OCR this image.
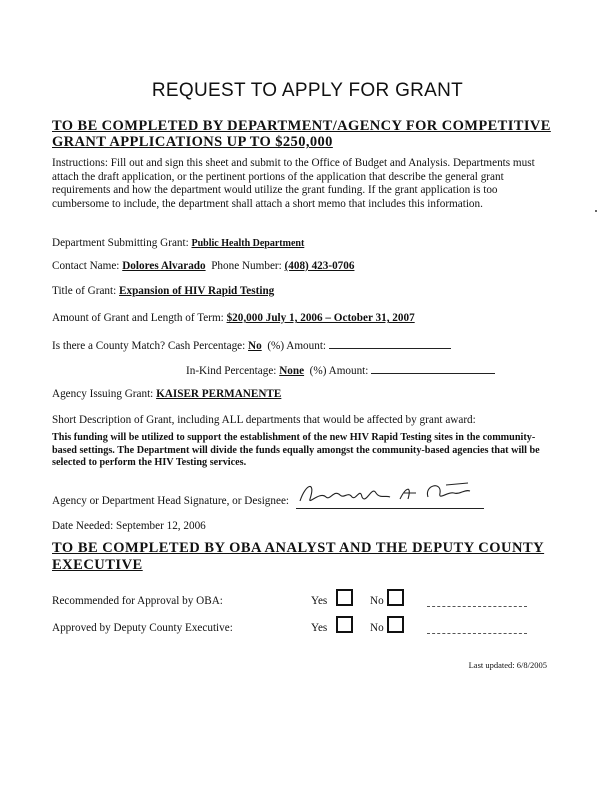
REQUEST TO APPLY FOR GRANT
TO BE COMPLETED BY DEPARTMENT/AGENCY FOR COMPETITIVE
GRANT APPLICATIONS UP TO $250,000
Instructions: Fill out and sign this sheet and submit to the Office of Budget and Analysis. Departments must attach the draft application, or the pertinent portions of the application that describe the general grant requirements and how the department would utilize the grant funding. If the grant application is too cumbersome to include, the department shall attach a short memo that includes this information.
Department Submitting Grant: Public Health Department
Contact Name: Dolores Alvarado Phone Number: (408) 423-0706
Title of Grant: Expansion of HIV Rapid Testing
Amount of Grant and Length of Term: $20,000 July 1, 2006 – October 31, 2007
Is there a County Match? Cash Percentage: No (%) Amount:
In-Kind Percentage: None (%) Amount:
Agency Issuing Grant: KAISER PERMANENTE
Short Description of Grant, including ALL departments that would be affected by grant award:
This funding will be utilized to support the establishment of the new HIV Rapid Testing sites in the community-based settings. The Department will divide the funds equally amongst the community-based agencies that will be selected to perform the HIV Testing services.
Agency or Department Head Signature, or Designee:
Date Needed: September 12, 2006
TO BE COMPLETED BY OBA ANALYST AND THE DEPUTY COUNTY EXECUTIVE
Recommended for Approval by OBA:	Yes	No
Approved by Deputy County Executive:	Yes	No
Last updated: 6/8/2005
